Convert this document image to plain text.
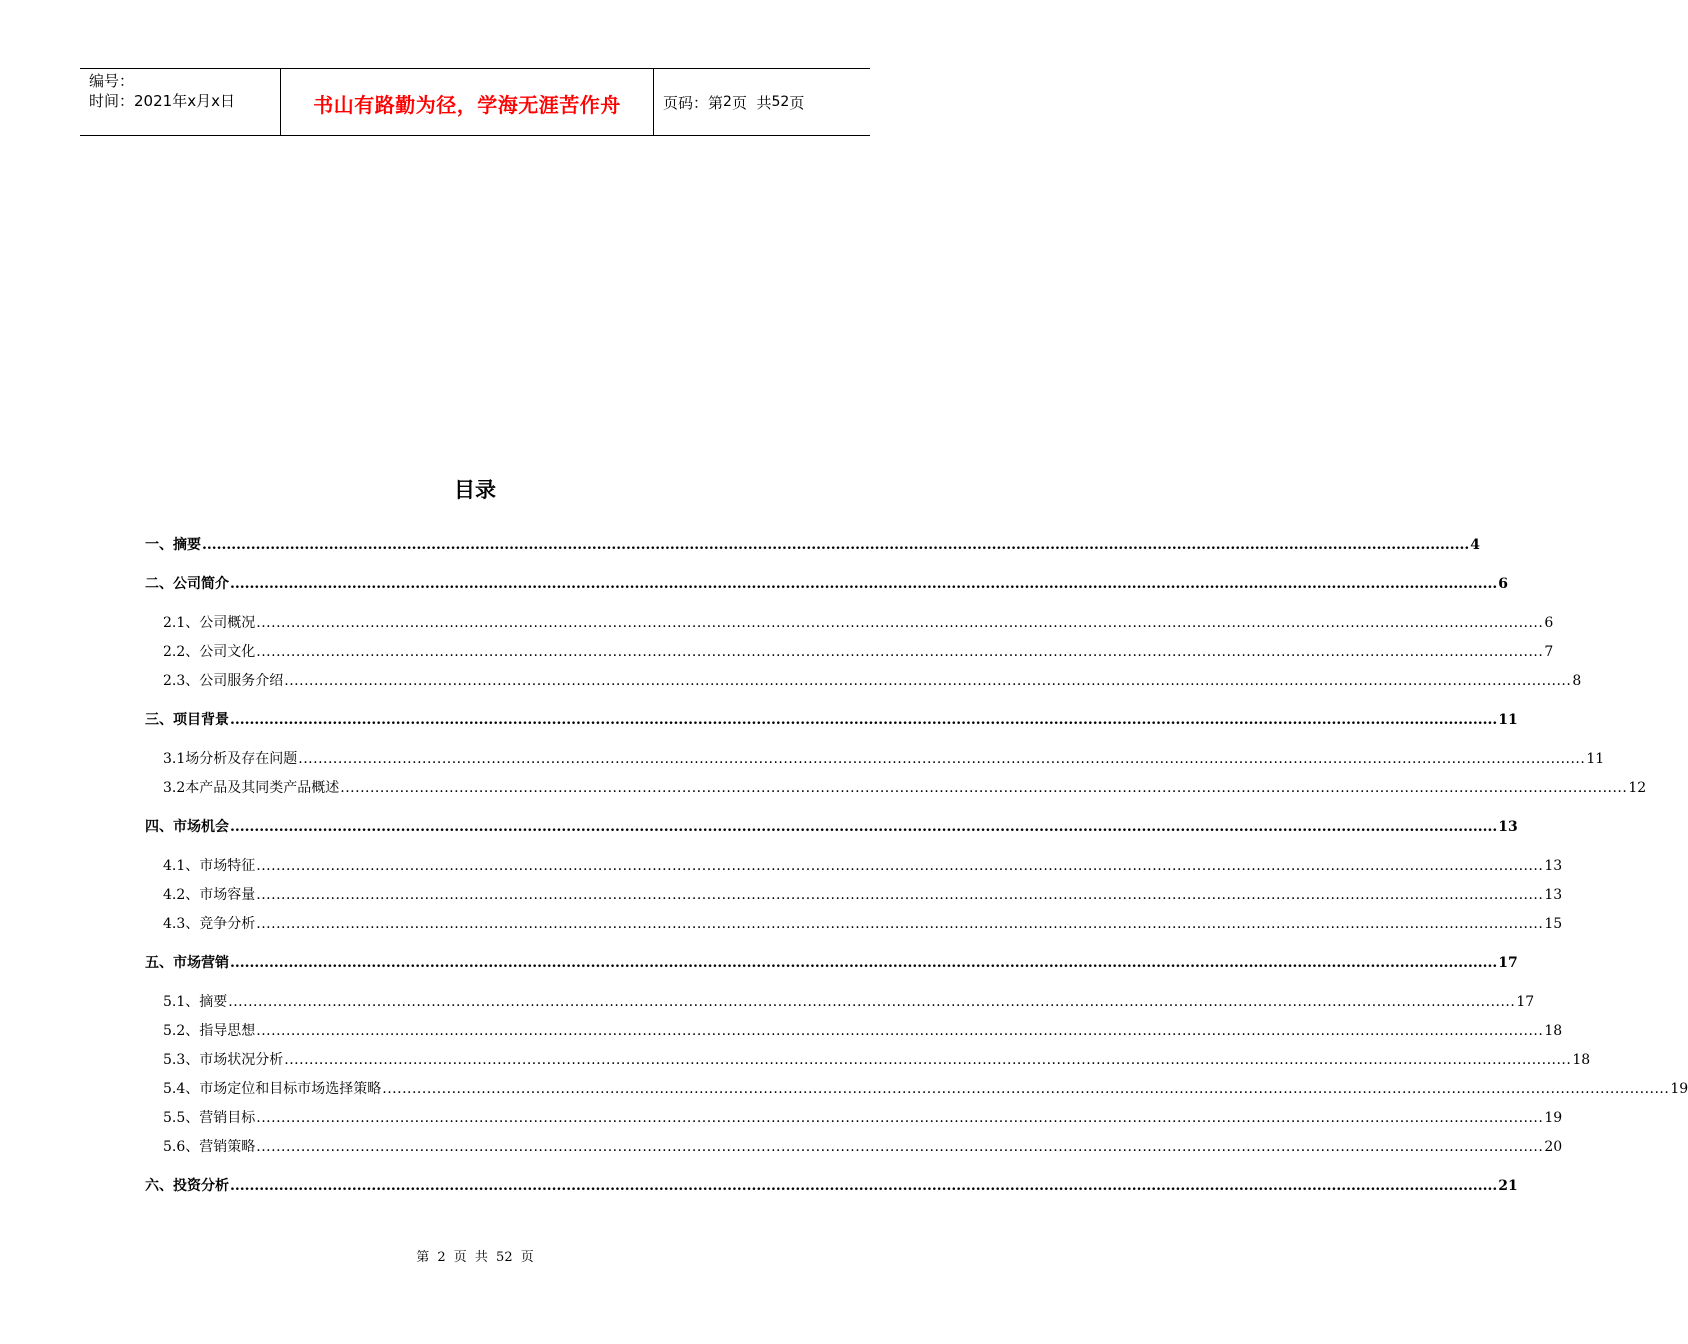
编号：
时间：2021年x月x日	书山有路勤为径，学海无涯苦作舟	页码：第 2 页  共 52 页
目录
一、摘要 .................................................................................................................................................................................................................................................................... 4
二、公司简介 .................................................................................................................................................................................................................................................................... 6
2.1、公司概况 .................................................................................................................................................................................................................................................................... 6
2.2、公司文化 .................................................................................................................................................................................................................................................................... 7
2.3、公司服务介绍 .................................................................................................................................................................................................................................................................... 8
三、项目背景 .................................................................................................................................................................................................................................................................... 11
3.1场分析及存在问题 .................................................................................................................................................................................................................................................................... 11
3.2本产品及其同类产品概述 .................................................................................................................................................................................................................................................................... 12
四、市场机会 .................................................................................................................................................................................................................................................................... 13
4.1、市场特征 .................................................................................................................................................................................................................................................................... 13
4.2、市场容量 .................................................................................................................................................................................................................................................................... 13
4.3、竞争分析 .................................................................................................................................................................................................................................................................... 15
五、市场营销 .................................................................................................................................................................................................................................................................... 17
5.1、摘要 .................................................................................................................................................................................................................................................................... 17
5.2、指导思想 .................................................................................................................................................................................................................................................................... 18
5.3、市场状况分析 .................................................................................................................................................................................................................................................................... 18
5.4、市场定位和目标市场选择策略 .................................................................................................................................................................................................................................................................... 19
5.5、营销目标 .................................................................................................................................................................................................................................................................... 19
5.6、营销策略 .................................................................................................................................................................................................................................................................... 20
六、投资分析 .................................................................................................................................................................................................................................................................... 21
第 2 页 共 52 页
